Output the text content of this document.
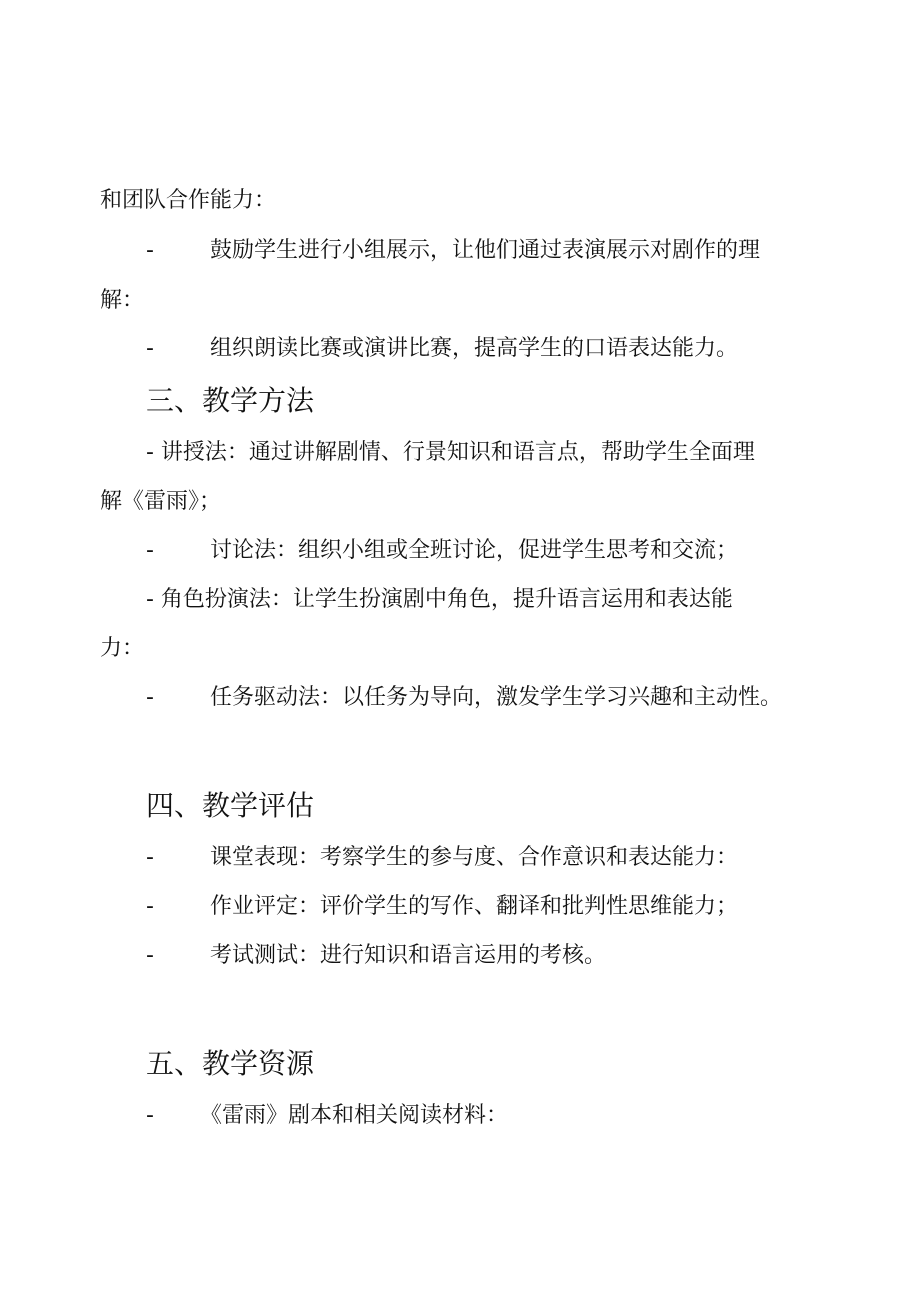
和团队合作能力：
-	鼓励学生进行小组展示，让他们通过表演展示对剧作的理
解：
-	组织朗读比赛或演讲比赛，提高学生的口语表达能力。
三、教学方法
- 讲授法：通过讲解剧情、行景知识和语言点，帮助学生全面理
解《雷雨》；
-	讨论法：组织小组或全班讨论，促进学生思考和交流；
- 角色扮演法：让学生扮演剧中角色，提升语言运用和表达能
力：
-	任务驱动法：以任务为导向，激发学生学习兴趣和主动性。
四、教学评估
-	课堂表现：考察学生的参与度、合作意识和表达能力：
-	作业评定：评价学生的写作、翻译和批判性思维能力；
-	考试测试：进行知识和语言运用的考核。
五、教学资源
- 《雷雨》剧本和相关阅读材料：
